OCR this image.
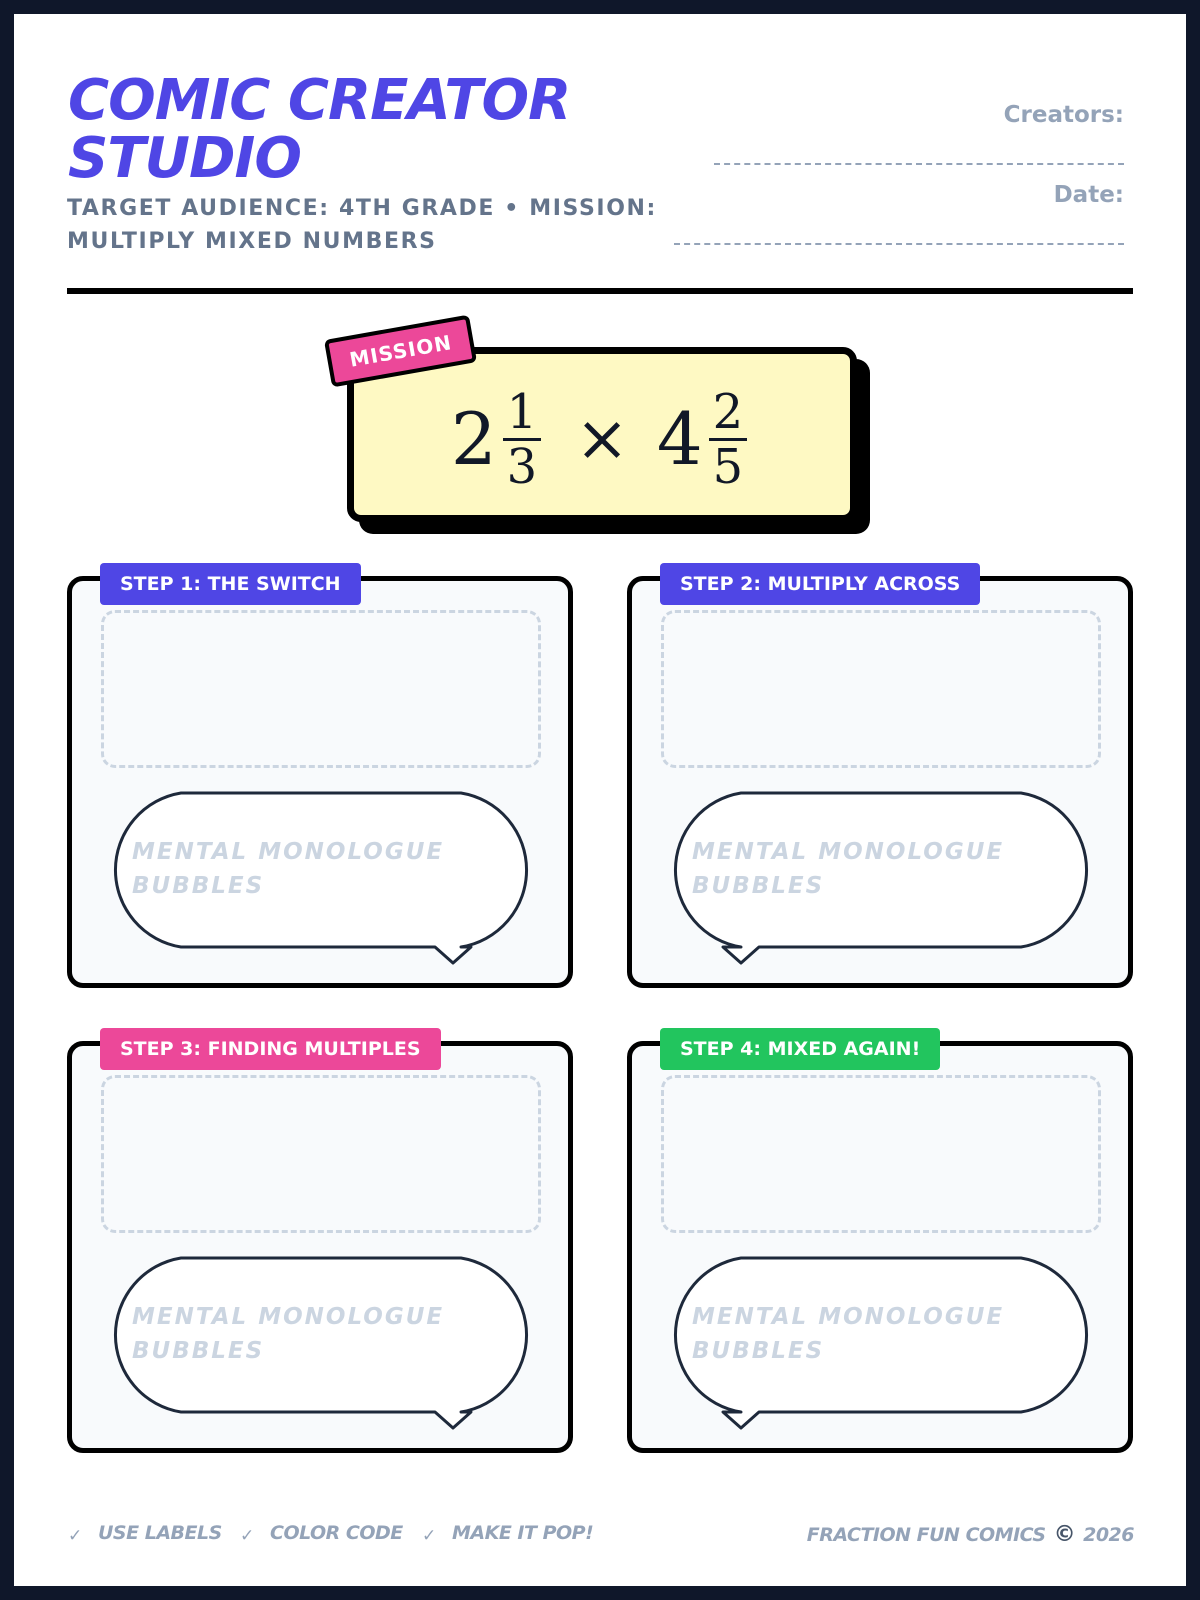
COMIC CREATOR STUDIO
TARGET AUDIENCE: 4TH GRADE • MISSION: MULTIPLY MIXED NUMBERS
Creators:
Date:
$2 \frac{1}{3} \times 4 \frac{2}{5}$
MISSION
STEP 1: THE SWITCH
MENTAL MONOLOGUE BUBBLES
STEP 2: MULTIPLY ACROSS
MENTAL MONOLOGUE BUBBLES
STEP 3: FINDING MULTIPLES
MENTAL MONOLOGUE BUBBLES
STEP 4: MIXED AGAIN!
MENTAL MONOLOGUE BUBBLES
✓ USE LABELS ✓ COLOR CODE ✓ MAKE IT POP!	FRACTION FUN COMICS © 2026
